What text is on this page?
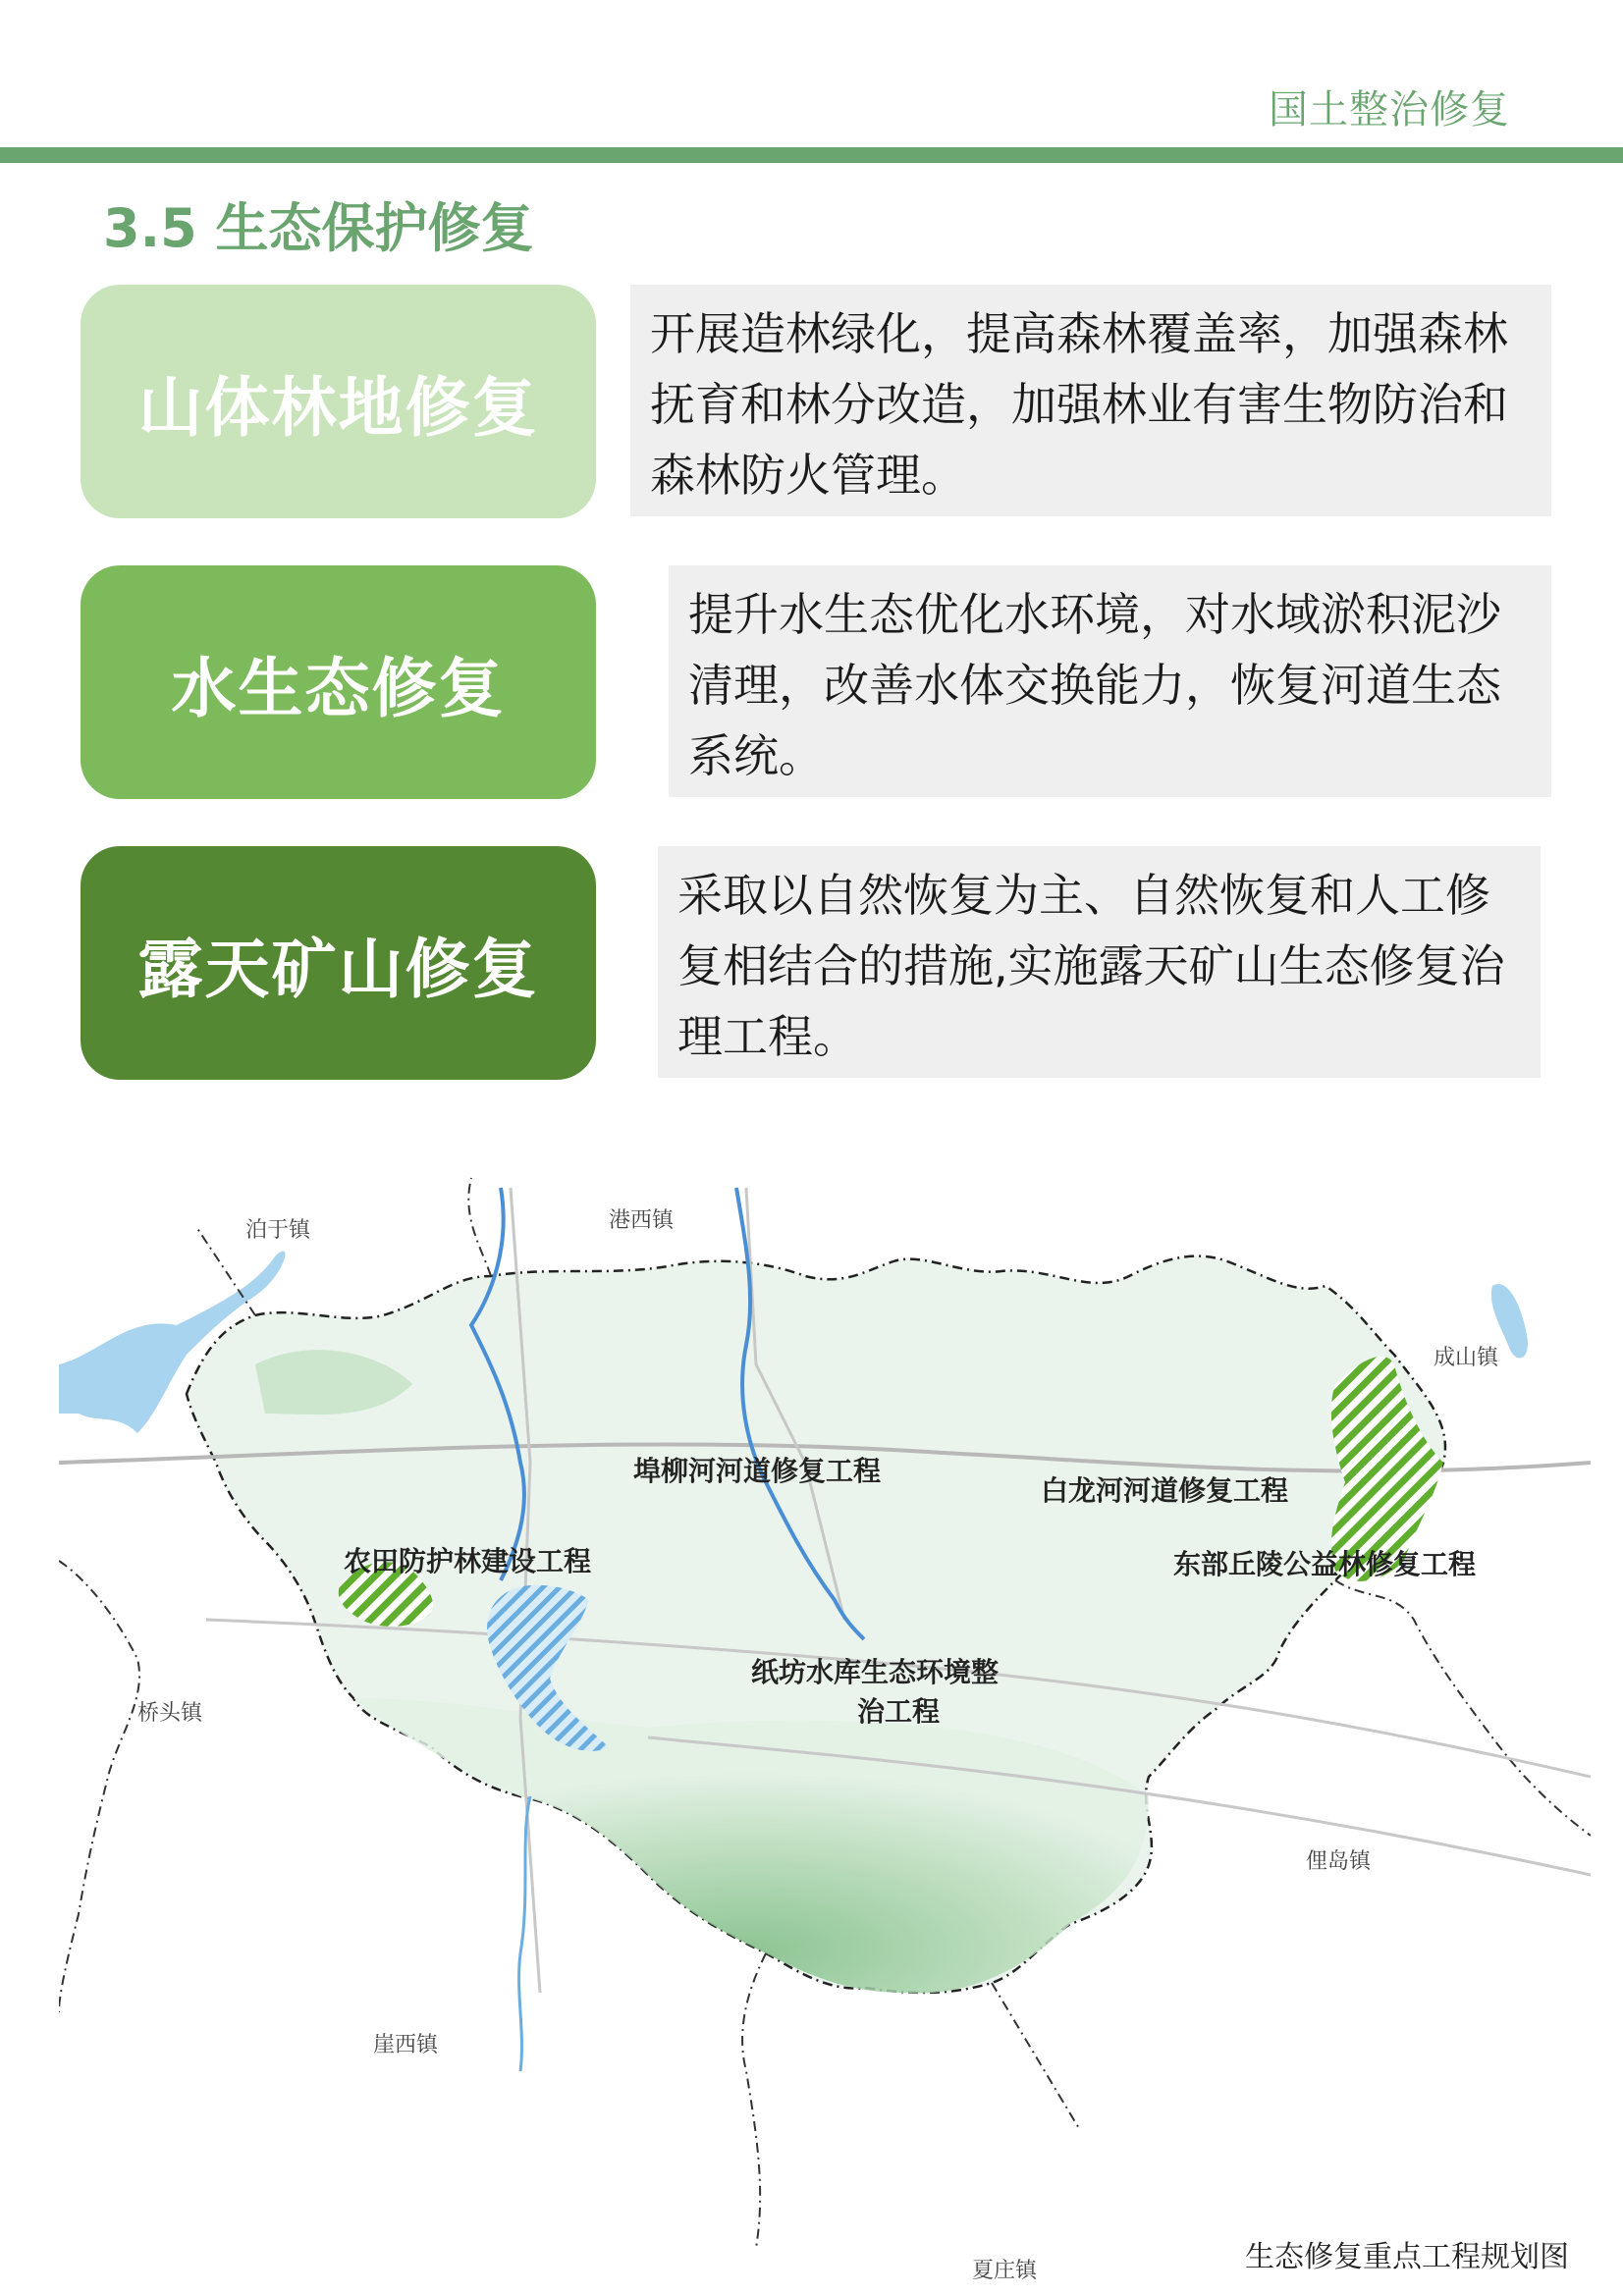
国土整治修复
3.5 生态保护修复
山体林地修复
开展造林绿化，提高森林覆盖率，加强森林抚育和林分改造，加强林业有害生物防治和森林防火管理。
水生态修复
提升水生态优化水环境，对水域淤积泥沙清理，改善水体交换能力，恢复河道生态系统。
露天矿山修复
采取以自然恢复为主、自然恢复和人工修复相结合的措施,实施露天矿山生态修复治理工程。
泊于镇	港西镇
成山镇
桥头镇
俚岛镇
崖西镇
夏庄镇
埠柳河河道修复工程
白龙河河道修复工程
农田防护林建设工程	东部丘陵公益林修复工程
纸坊水库生态环境整
治工程
生态修复重点工程规划图
